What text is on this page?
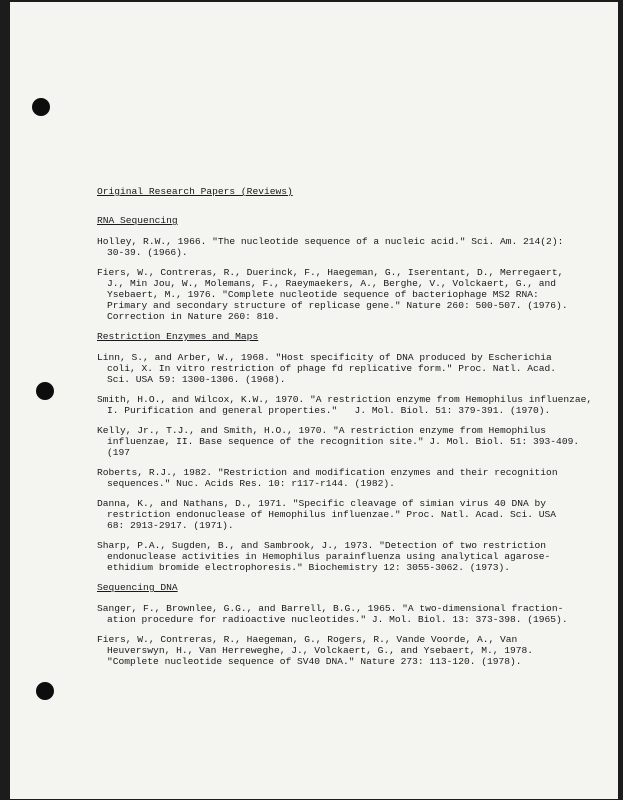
Original Research Papers (Reviews)

RNA Sequencing

Holley, R.W., 1966. "The nucleotide sequence of a nucleic acid." Sci. Am. 214(2):
30-39. (1966).

Fiers, W., Contreras, R., Duerinck, F., Haegeman, G., Iserentant, D., Merregaert,
J., Min Jou, W., Molemans, F., Raeymaekers, A., Berghe, V., Volckaert, G., and
Ysebaert, M., 1976. "Complete nucleotide sequence of bacteriophage MS2 RNA:
Primary and secondary structure of replicase gene." Nature 260: 500-507. (1976).
Correction in Nature 260: 810.

Restriction Enzymes and Maps

Linn, S., and Arber, W., 1968. "Host specificity of DNA produced by Escherichia
coli, X. In vitro restriction of phage fd replicative form." Proc. Natl. Acad.
Sci. USA 59: 1300-1306. (1968).

Smith, H.O., and Wilcox, K.W., 1970. "A restriction enzyme from Hemophilus influenzae,
I. Purification and general properties."   J. Mol. Biol. 51: 379-391. (1970).

Kelly, Jr., T.J., and Smith, H.O., 1970. "A restriction enzyme from Hemophilus
influenzae, II. Base sequence of the recognition site." J. Mol. Biol. 51: 393-409. (197

Roberts, R.J., 1982. "Restriction and modification enzymes and their recognition
sequences." Nuc. Acids Res. 10: r117-r144. (1982).

Danna, K., and Nathans, D., 1971. "Specific cleavage of simian virus 40 DNA by
restriction endonuclease of Hemophilus influenzae." Proc. Natl. Acad. Sci. USA
68: 2913-2917. (1971).

Sharp, P.A., Sugden, B., and Sambrook, J., 1973. "Detection of two restriction
endonuclease activities in Hemophilus parainfluenza using analytical agarose-
ethidium bromide electrophoresis." Biochemistry 12: 3055-3062. (1973).

Sequencing DNA

Sanger, F., Brownlee, G.G., and Barrell, B.G., 1965. "A two-dimensional fraction-
ation procedure for radioactive nucleotides." J. Mol. Biol. 13: 373-398. (1965).

Fiers, W., Contreras, R., Haegeman, G., Rogers, R., Vande Voorde, A., Van
Heuverswyn, H., Van Herreweghe, J., Volckaert, G., and Ysebaert, M., 1978.
"Complete nucleotide sequence of SV40 DNA." Nature 273: 113-120. (1978).
